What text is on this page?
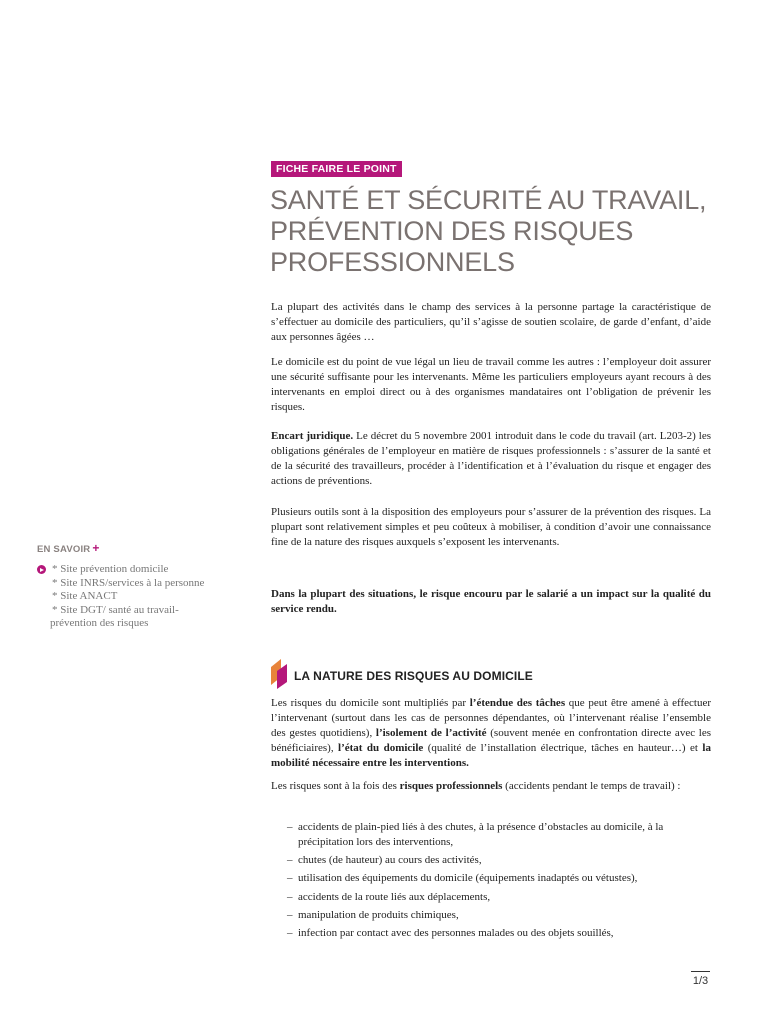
FICHE FAIRE LE POINT
SANTÉ ET SÉCURITÉ AU TRAVAIL,
PRÉVENTION DES RISQUES
PROFESSIONNELS

La plupart des activités dans le champ des services à la personne partage la caractéristique de s’effectuer au domicile des particuliers, qu’il s’agisse de soutien scolaire, de garde d’enfant, d’aide aux personnes âgées …

Le domicile est du point de vue légal un lieu de travail comme les autres : l’employeur doit assurer une sécurité suffisante pour les intervenants. Même les particuliers employeurs ayant recours à des intervenants en emploi direct ou à des organismes mandataires ont l’obligation de prévenir les risques.

Encart juridique. Le décret du 5 novembre 2001 introduit dans le code du travail (art. L203-2) les obligations générales de l’employeur en matière de risques professionnels : s’assurer de la santé et de la sécurité des travailleurs, procéder à l’identification et à l’évaluation du risque et engager des actions de préventions.

Plusieurs outils sont à la disposition des employeurs pour s’assurer de la prévention des risques. La plupart sont relativement simples et peu coûteux à mobiliser, à condition d’avoir une connaissance fine de la nature des risques auxquels s’exposent les intervenants.

Dans la plupart des situations, le risque encouru par le salarié a un impact sur la qualité du service rendu.

EN SAVOIR +
* Site prévention domicile
* Site INRS/services à la personne
* Site ANACT
* Site DGT/ santé au travail-
prévention des risques
LA NATURE DES RISQUES AU DOMICILE

Les risques du domicile sont multipliés par l’étendue des tâches que peut être amené à effectuer l’intervenant (surtout dans les cas de personnes dépendantes, où l’intervenant réalise l’ensemble des gestes quotidiens), l’isolement de l’activité (souvent menée en confrontation directe avec les bénéficiaires), l’état du domicile (qualité de l’installation électrique, tâches en hauteur…) et la mobilité nécessaire entre les interventions.

Les risques sont à la fois des risques professionnels (accidents pendant le temps de travail) :

– accidents de plain-pied liés à des chutes, à la présence d’obstacles au domicile, à la précipitation lors des interventions,
– chutes (de hauteur) au cours des activités,
– utilisation des équipements du domicile (équipements inadaptés ou vétustes),
– accidents de la route liés aux déplacements,
– manipulation de produits chimiques,
– infection par contact avec des personnes malades ou des objets souillés,
1/3
